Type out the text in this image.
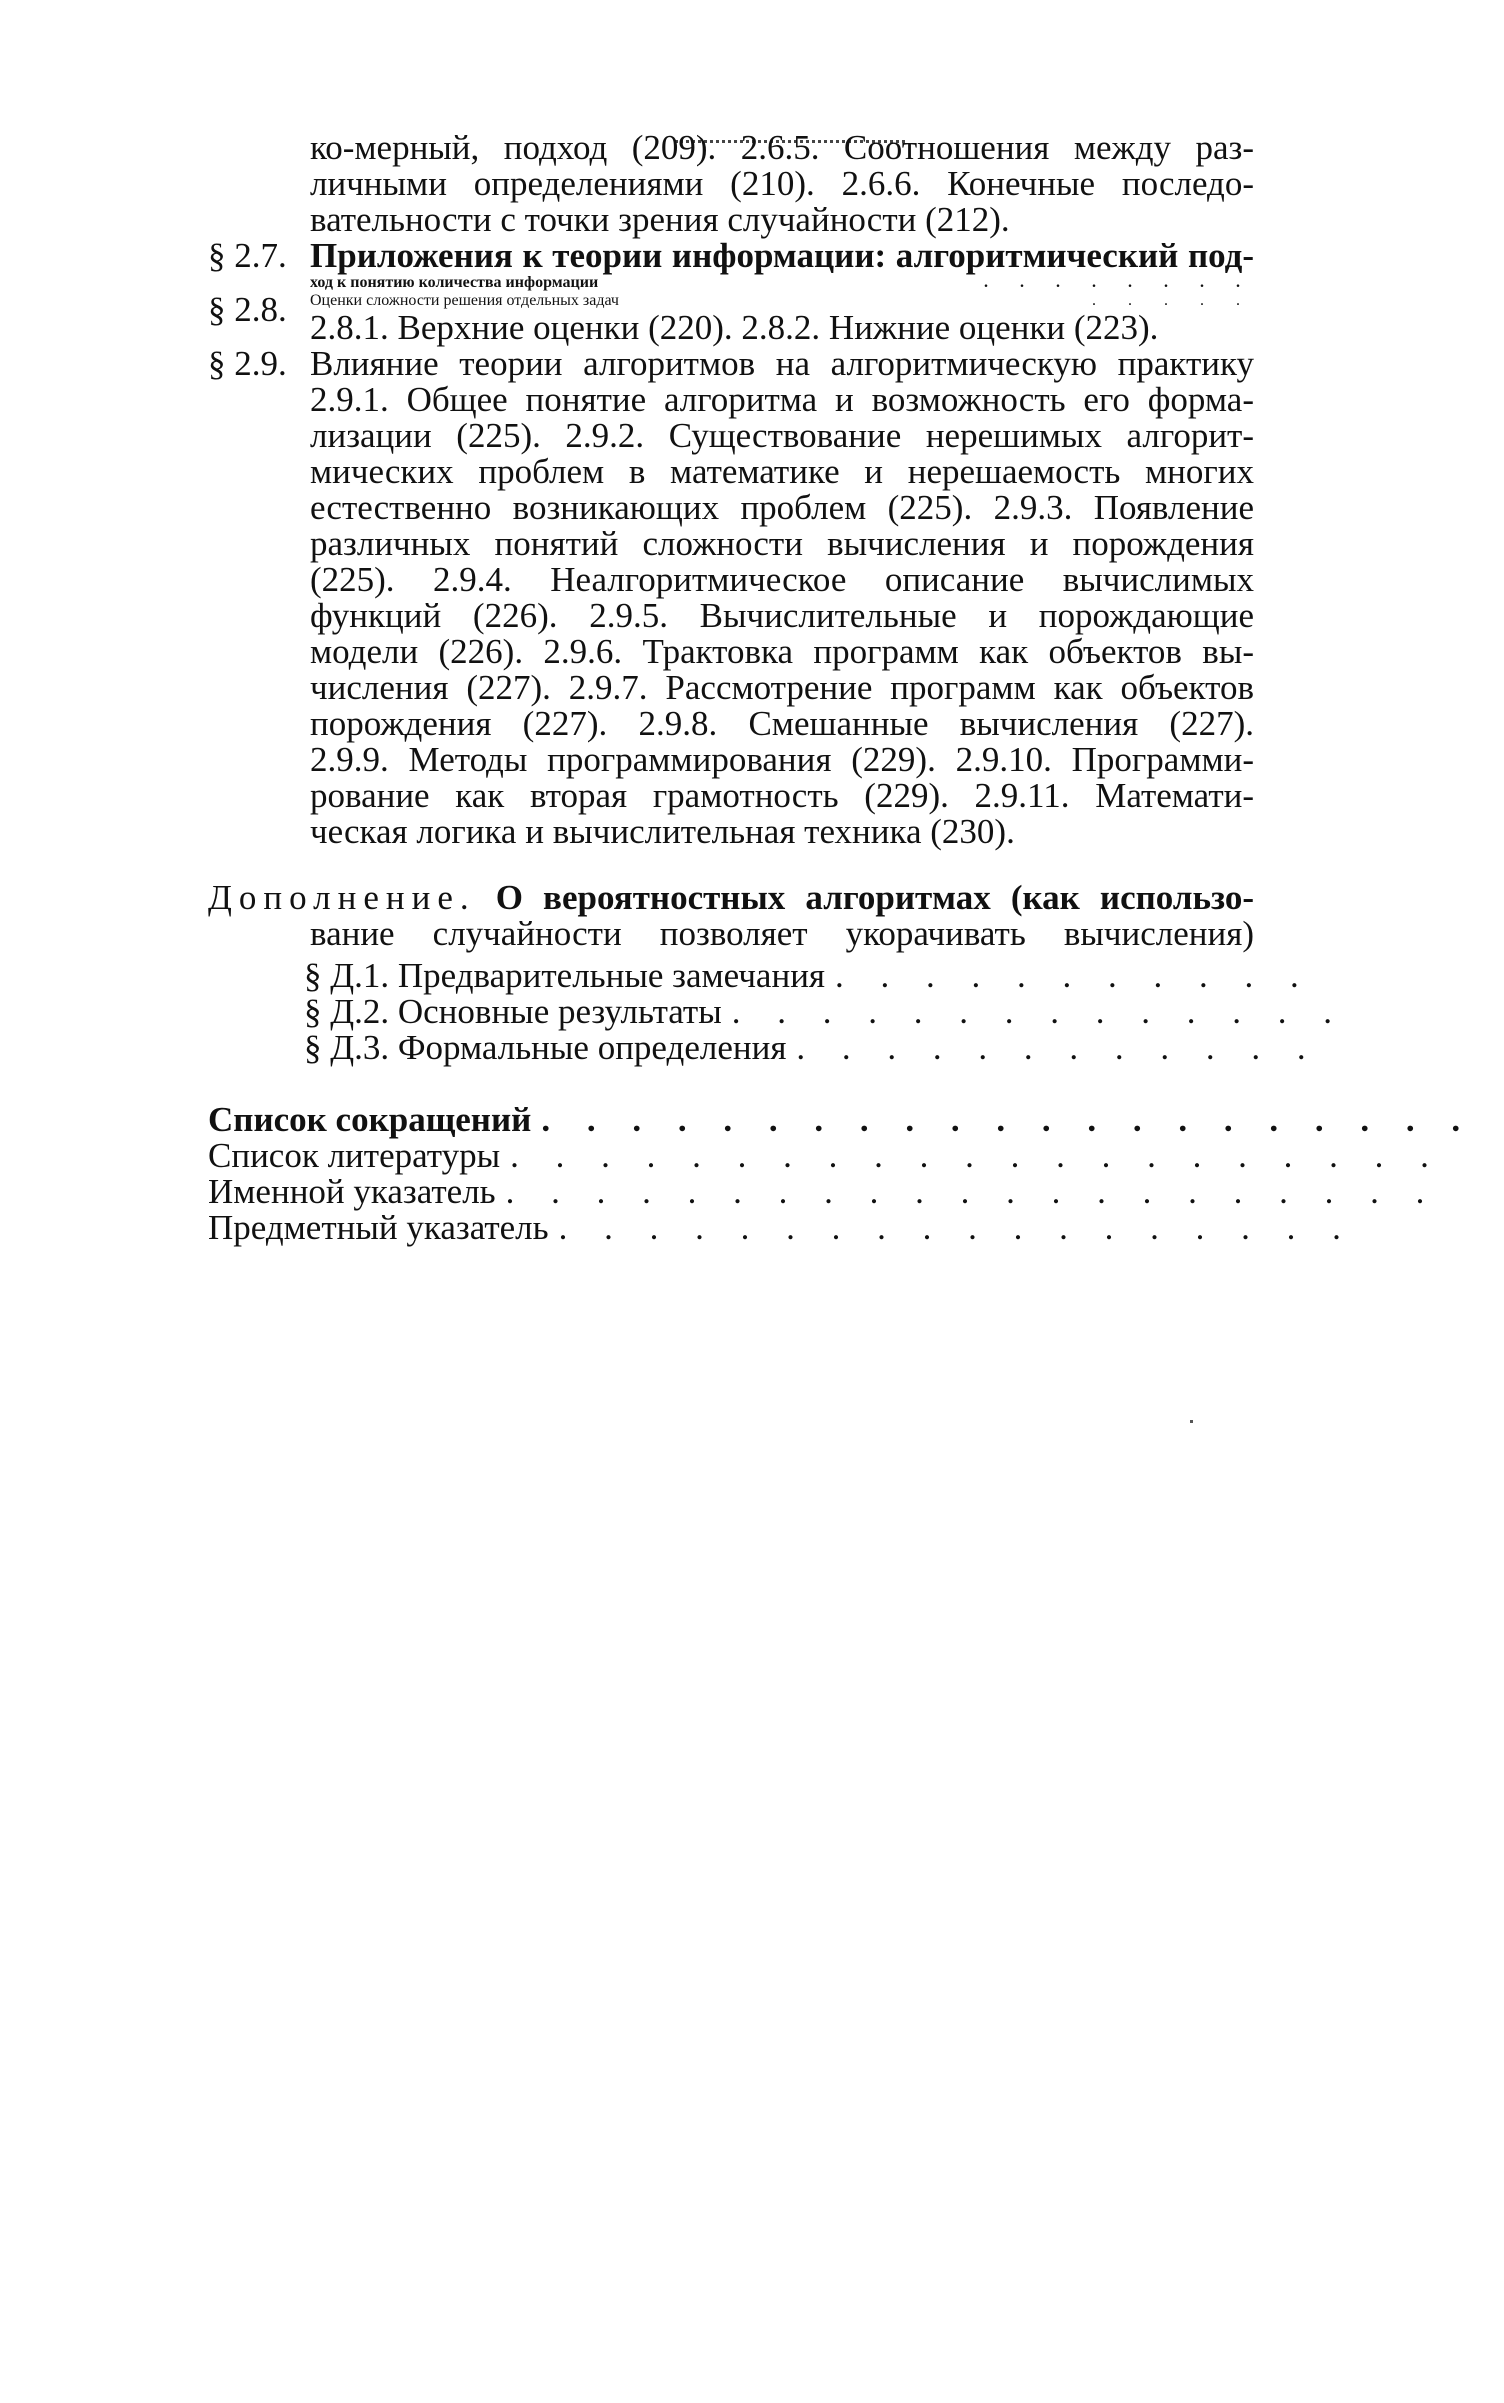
ко-мерный, подход (209). 2.6.5. Соотношения между раз-
личными определениями (210). 2.6.6. Конечные последо-
вательности с точки зрения случайности (212).
§ 2.7. Приложения к теории информации: алгоритмический под-
ход к понятию количества информации	. . . . . . . .
§ 2.8. Оценки сложности решения отдельных задач	. . . . .
2.8.1. Верхние оценки (220). 2.8.2. Нижние оценки (223).
§ 2.9. Влияние теории алгоритмов на алгоритмическую практику
2.9.1. Общее понятие алгоритма и возможность его форма-
лизации (225). 2.9.2. Существование нерешимых алгорит-
мических проблем в математике и нерешаемость многих
естественно возникающих проблем (225). 2.9.3. Появление
различных понятий сложности вычисления и порождения
(225). 2.9.4. Неалгоритмическое описание вычислимых
функций (226). 2.9.5. Вычислительные и порождающие
модели (226). 2.9.6. Трактовка программ как объектов вы-
числения (227). 2.9.7. Рассмотрение программ как объектов
порождения (227). 2.9.8. Смешанные вычисления (227).
2.9.9. Методы программирования (229). 2.9.10. Программи-
рование как вторая грамотность (229). 2.9.11. Математи-
ческая логика и вычислительная техника (230).
Дополнение. О вероятностных алгоритмах (как использо-
вание случайности позволяет укорачивать вычисления)
§ Д.1. Предварительные замечания . . . . . . . . . . .
§ Д.2. Основные результаты . . . . . . . . . . . . . .
§ Д.3. Формальные определения . . . . . . . . . . . .
Список сокращений . . . . . . . . . . . . . . . . . . . . .
Список литературы . . . . . . . . . . . . . . . . . . . . .
Именной указатель . . . . . . . . . . . . . . . . . . . . .
Предметный указатель . . . . . . . . . . . . . . . . . .
